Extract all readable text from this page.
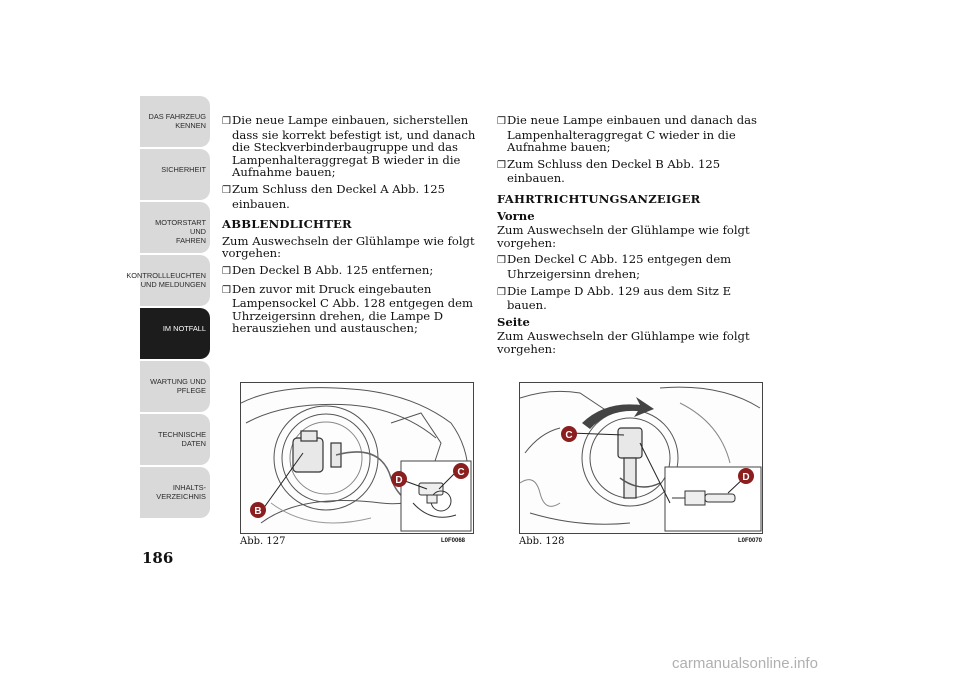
DAS FAHRZEUG
KENNEN
SICHERHEIT
MOTORSTART UND
FAHREN
KONTROLLLEUCHTEN
UND MELDUNGEN
IM NOTFALL
WARTUNG UND
PFLEGE
TECHNISCHE
DATEN
INHALTS-
VERZEICHNIS
186

❒Die neue Lampe einbauen, sicherstellen dass sie korrekt befestigt ist, und danach die Steckverbinderbaugruppe und das Lampenhalteraggregat B wieder in die Aufnahme bauen;

❒Zum Schluss den Deckel A Abb. 125 einbauen.

ABBLENDLICHTER

Zum Auswechseln der Glühlampe wie folgt vorgehen:

❒Den Deckel B Abb. 125 entfernen;

❒Den zuvor mit Druck eingebauten Lampensockel C Abb. 128 entgegen dem Uhrzeigersinn drehen, die Lampe D herausziehen und austauschen;

❒Die neue Lampe einbauen und danach das Lampenhalteraggregat C wieder in die Aufnahme bauen;

❒Zum Schluss den Deckel B Abb. 125 einbauen.

FAHRTRICHTUNGSANZEIGER
Vorne

Zum Auswechseln der Glühlampe wie folgt vorgehen:

❒Den Deckel C Abb. 125 entgegen dem Uhrzeigersinn drehen;

❒Die Lampe D Abb. 129 aus dem Sitz E bauen.

Seite

Zum Auswechseln der Glühlampe wie folgt vorgehen:

B
D
C
Abb. 127	L0F0068
C
D
Abb. 128	L0F0070
carmanualsonline.info
